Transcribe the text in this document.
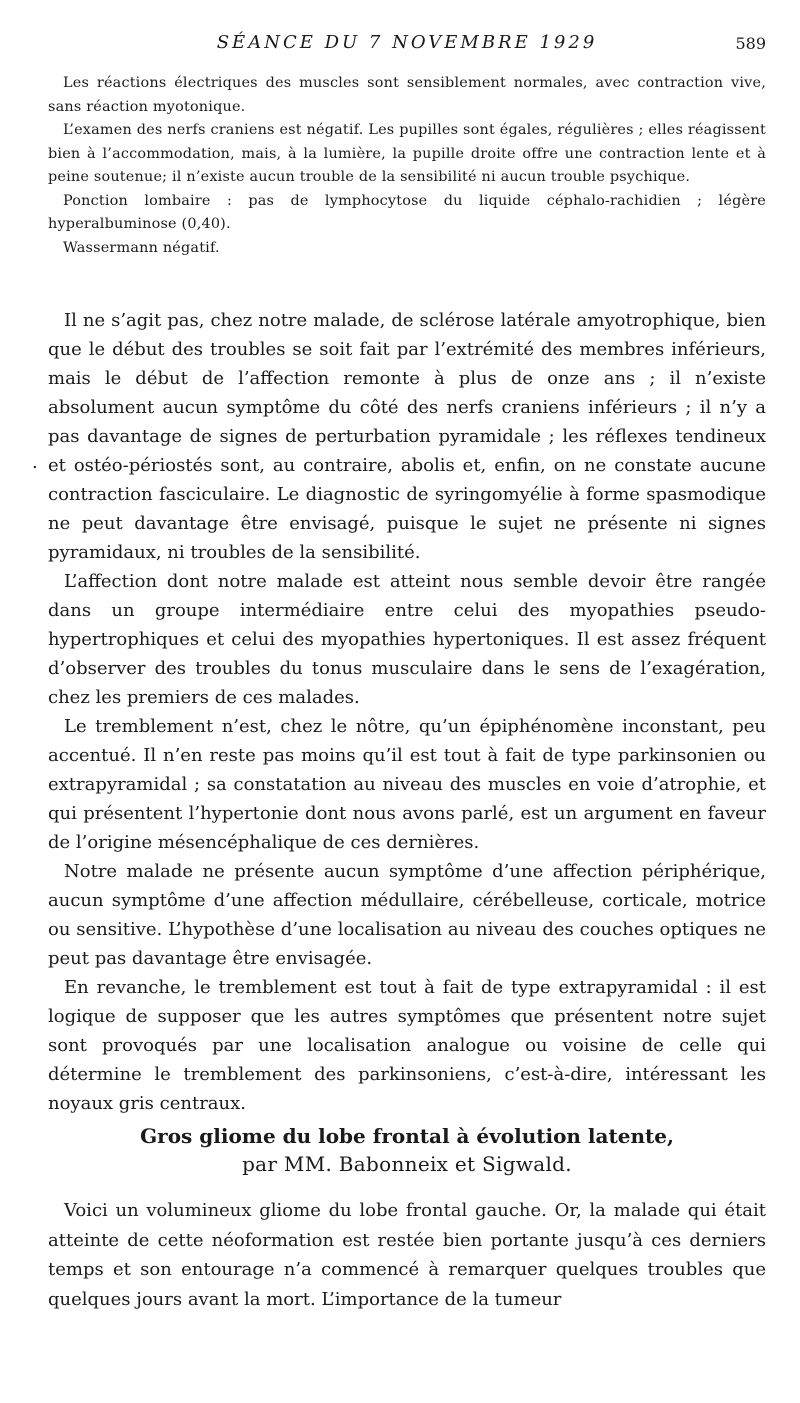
SÉANCE DU 7 NOVEMBRE 1929	589

Les réactions électriques des muscles sont sensiblement normales, avec contraction vive, sans réaction myotonique.

L’examen des nerfs craniens est négatif. Les pupilles sont égales, régulières ; elles réagissent bien à l’accommodation, mais, à la lumière, la pupille droite offre une contraction lente et à peine soutenue; il n’existe aucun trouble de la sensibilité ni aucun trouble psychique.

Ponction lombaire : pas de lymphocytose du liquide céphalo-rachidien ; légère hyperalbuminose (0,40).

Wassermann négatif.

.

Il ne s’agit pas, chez notre malade, de sclérose latérale amyotrophique, bien que le début des troubles se soit fait par l’extrémité des membres inférieurs, mais le début de l’affection remonte à plus de onze ans ; il n’existe absolument aucun symptôme du côté des nerfs craniens inférieurs ; il n’y a pas davantage de signes de perturbation pyramidale ; les réflexes tendineux et ostéo-périostés sont, au contraire, abolis et, enfin, on ne constate aucune contraction fasciculaire. Le diagnostic de syringomyélie à forme spasmodique ne peut davantage être envisagé, puisque le sujet ne présente ni signes pyramidaux, ni troubles de la sensibilité.

L’affection dont notre malade est atteint nous semble devoir être rangée dans un groupe intermédiaire entre celui des myopathies pseudo-hypertrophiques et celui des myopathies hypertoniques. Il est assez fréquent d’observer des troubles du tonus musculaire dans le sens de l’exagération, chez les premiers de ces malades.

Le tremblement n’est, chez le nôtre, qu’un épiphénomène inconstant, peu accentué. Il n’en reste pas moins qu’il est tout à fait de type parkinsonien ou extrapyramidal ; sa constatation au niveau des muscles en voie d’atrophie, et qui présentent l’hypertonie dont nous avons parlé, est un argument en faveur de l’origine mésencéphalique de ces dernières.

Notre malade ne présente aucun symptôme d’une affection périphérique, aucun symptôme d’une affection médullaire, cérébelleuse, corticale, motrice ou sensitive. L’hypothèse d’une localisation au niveau des couches optiques ne peut pas davantage être envisagée.

En revanche, le tremblement est tout à fait de type extrapyramidal : il est logique de supposer que les autres symptômes que présentent notre sujet sont provoqués par une localisation analogue ou voisine de celle qui détermine le tremblement des parkinsoniens, c’est-à-dire, intéressant les noyaux gris centraux.

Gros gliome du lobe frontal à évolution latente,
par MM. Babonneix et Sigwald.

Voici un volumineux gliome du lobe frontal gauche. Or, la malade qui était atteinte de cette néoformation est restée bien portante jusqu’à ces derniers temps et son entourage n’a commencé à remarquer quelques troubles que quelques jours avant la mort. L’importance de la tumeur
